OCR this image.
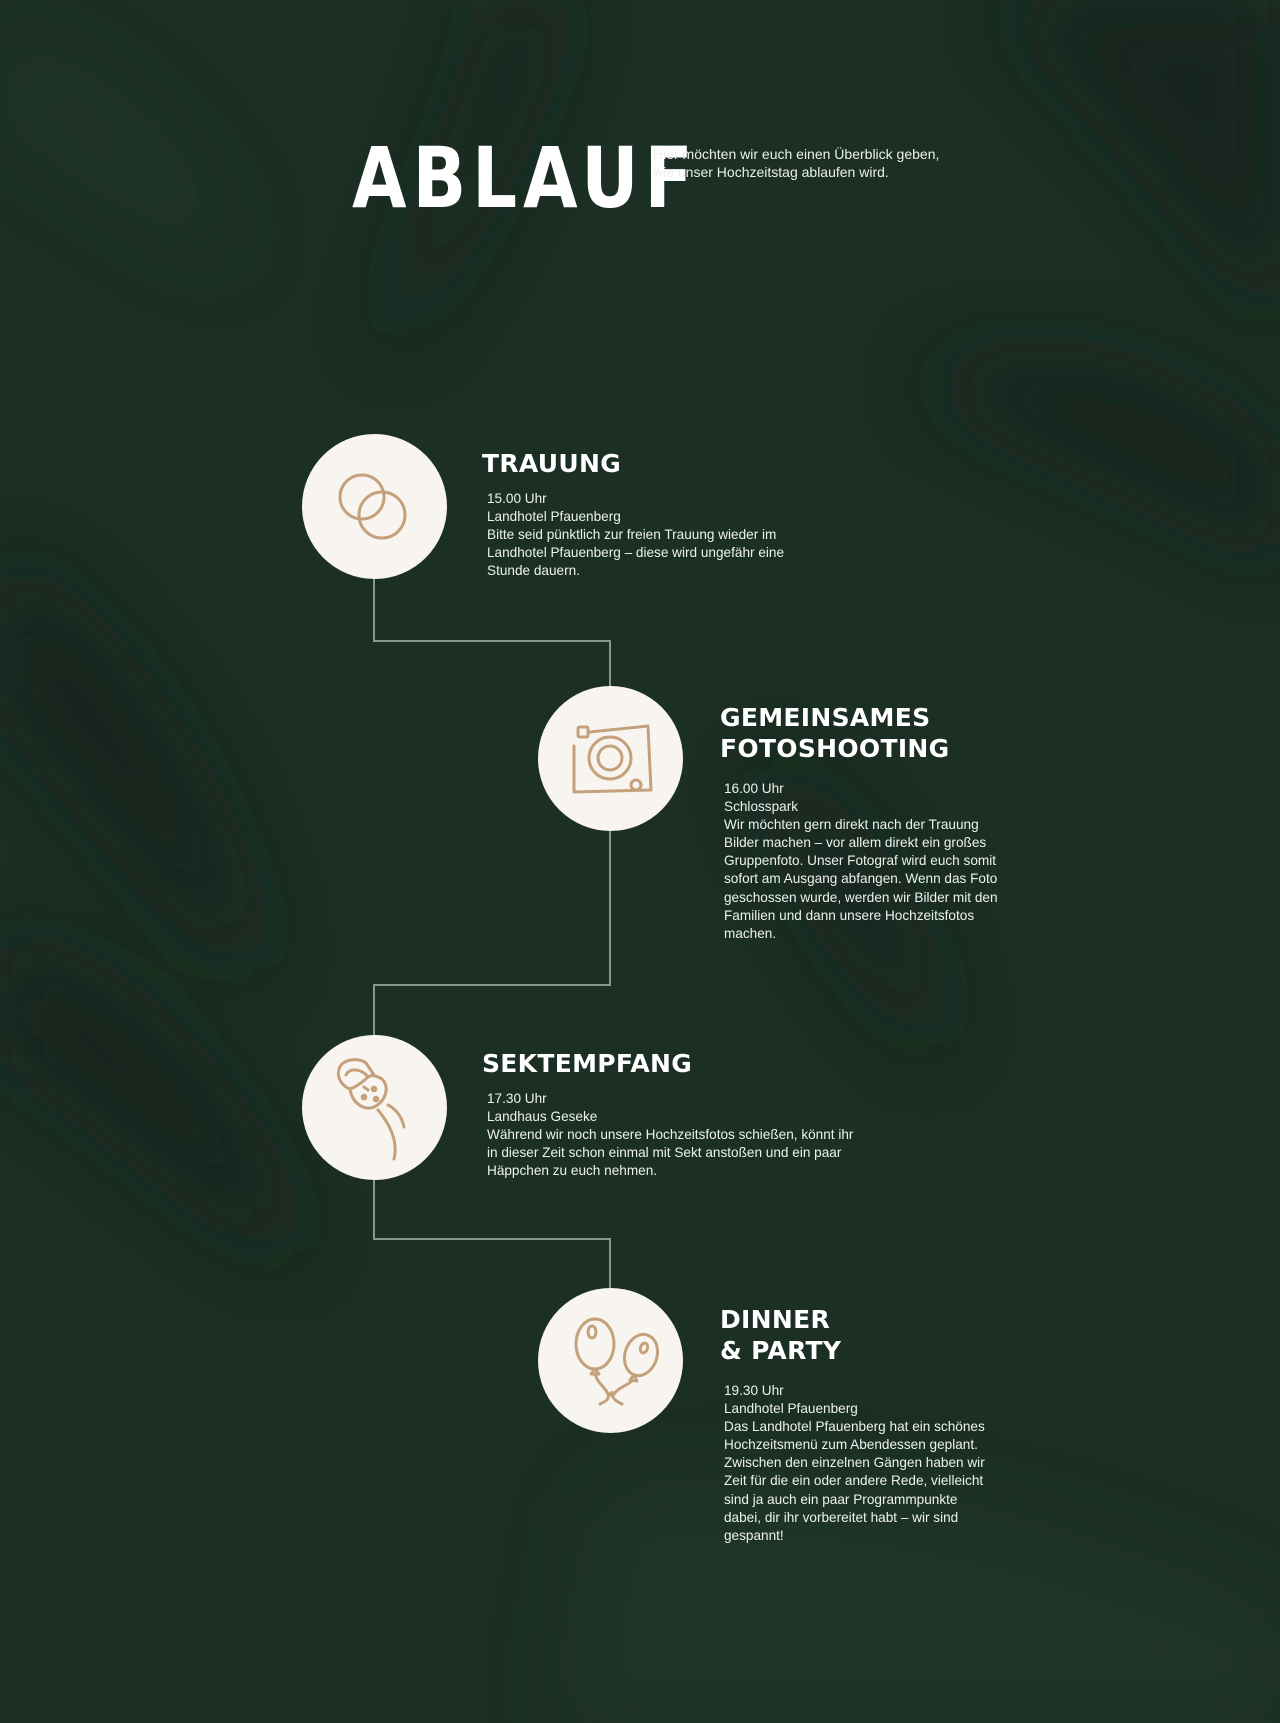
ABLAUF
Hier möchten wir euch einen Überblick geben,
wie unser Hochzeitstag ablaufen wird.
TRAUUNG
15.00 Uhr
Landhotel Pfauenberg
Bitte seid pünktlich zur freien Trauung wieder im
Landhotel Pfauenberg – diese wird ungefähr eine
Stunde dauern.
GEMEINSAMES
FOTOSHOOTING
16.00 Uhr
Schlosspark
Wir möchten gern direkt nach der Trauung
Bilder machen – vor allem direkt ein großes
Gruppenfoto. Unser Fotograf wird euch somit
sofort am Ausgang abfangen. Wenn das Foto
geschossen wurde, werden wir Bilder mit den
Familien und dann unsere Hochzeitsfotos
machen.
SEKTEMPFANG
17.30 Uhr
Landhaus Geseke
Während wir noch unsere Hochzeitsfotos schießen, könnt ihr
in dieser Zeit schon einmal mit Sekt anstoßen und ein paar
Häppchen zu euch nehmen.
DINNER
& PARTY
19.30 Uhr
Landhotel Pfauenberg
Das Landhotel Pfauenberg hat ein schönes
Hochzeitsmenü zum Abendessen geplant.
Zwischen den einzelnen Gängen haben wir
Zeit für die ein oder andere Rede, vielleicht
sind ja auch ein paar Programmpunkte
dabei, dir ihr vorbereitet habt – wir sind
gespannt!
